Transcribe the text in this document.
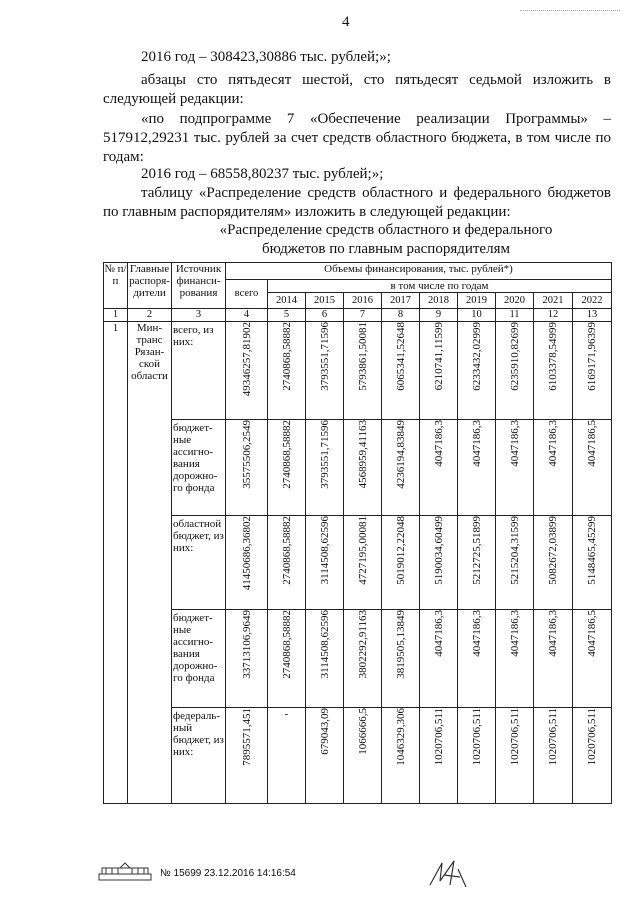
4
2016 год – 308423,30886 тыс. рублей;»;
абзацы сто пятьдесят шестой, сто пятьдесят седьмой изложить в следующей редакции:
«по подпрограмме 7 «Обеспечение реализации Программы» – 517912,29231 тыс. рублей за счет средств областного бюджета, в том числе по годам:
2016 год – 68558,80237 тыс. рублей;»;
таблицу «Распределение средств областного и федерального бюджетов по главным распорядителям» изложить в следующей редакции:
«Распределение средств областного и федерального бюджетов по главным распорядителям
№ п/п	Главные распоря-дители	Источник финанси-рования	Объемы финансирования, тыс. рублей*)									
			всего	в том числе по годам								
				2014	2015	2016	2017	2018	2019	2020	2021	2022
1	2	3	4	5	6	7	8	9	10	11	12	13
1	Мин-транс Рязан-ской области	всего, из них:	49346257,81902	2740868,58882	3793551,71596	5793861,50081	6065341,52648	6210741,11599	6233432,02999	6235910,82699	6103378,54999	6169171,96399

		бюджет-ные ассигно-вания дорожно-го фонда	35575506,2549	2740868,58882	3793551,71596	4568959,41163	4236194,83849	4047186,3	4047186,3	4047186,3	4047186,3	4047186,5

		областной бюджет, из них:	41450686,36802	2740868,58882	3114508,62596	4727195,00081	5019012,22048	5190034,60499	5212725,51899	5215204,31599	5082672,03899	5148465,45299

		бюджет-ные ассигно-вания дорожно-го фонда	33713106,9649	2740868,58882	3114508,62596	3802292,91163	3819505,13849	4047186,3	4047186,3	4047186,3	4047186,3	4047186,5

		федераль-ный бюджет, из них:	7895571,451	-	679043,09	1066666,5	1046329,306	1020706,511	1020706,511	1020706,511	1020706,511	1020706,511
№ 15699 23.12.2016 14:16:54
